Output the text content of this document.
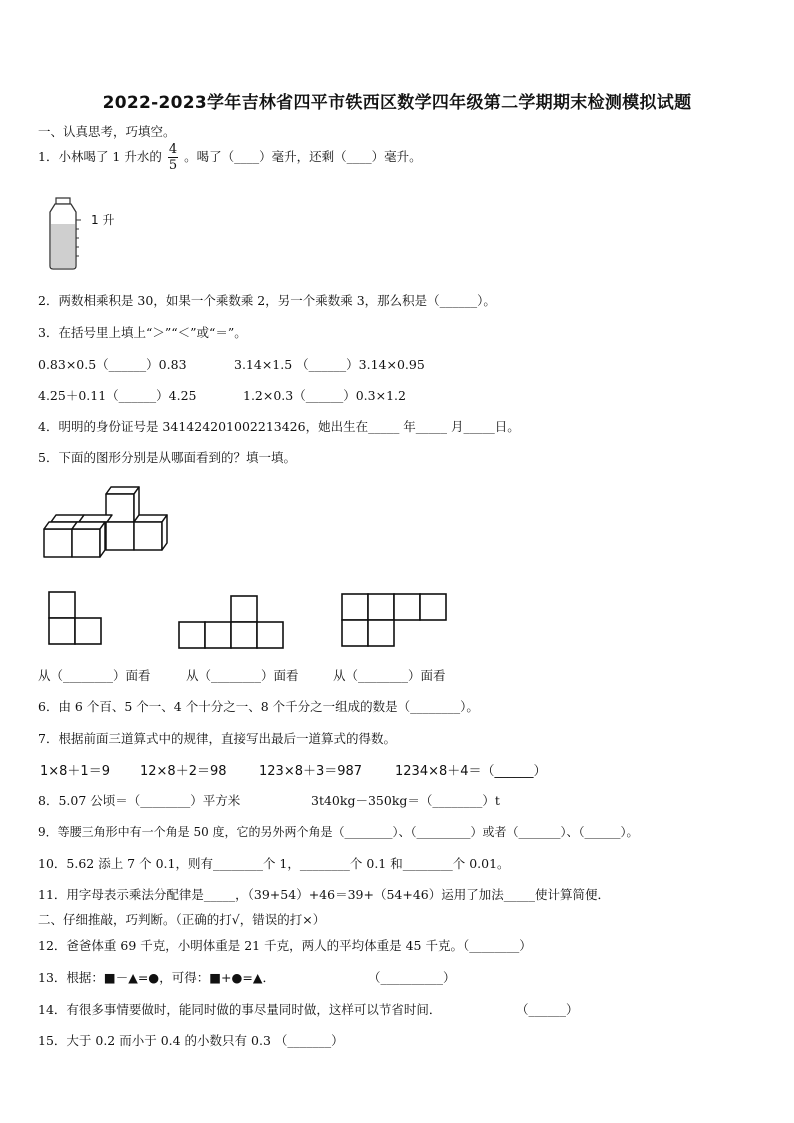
2022-2023学年吉林省四平市铁西区数学四年级第二学期期末检测模拟试题
一、认真思考，巧填空。
1．小林喝了 1 升水的 $\frac{4}{5}$ 。喝了（____）毫升，还剩（____）毫升。
1 升
2．两数相乘积是 30，如果一个乘数乘 2，另一个乘数乘 3，那么积是（______）。
3．在括号里上填上“＞”“＜”或“＝”。
0.83×0.5（______）0.83	3.14×1.5 （______）3.14×0.95
4.25＋0.11（______）4.25	1.2×0.3（______）0.3×1.2
4．明明的身份证号是 341424201002213426，她出生在_____ 年_____ 月_____日。
5．下面的图形分别是从哪面看到的？填一填。
从（________）面看	从（________）面看	从（________）面看
6．由 6 个百、5 个一、4 个十分之一、8 个千分之一组成的数是（________）。
7．根据前面三道算式中的规律，直接写出最后一道算式的得数。
1×8＋1＝9 12×8＋2＝98 123×8＋3＝987	1234×8＋4＝（______）
8．5.07 公顷＝（________）平方米	3t40kg－350kg＝（________）t
9．等腰三角形中有一个角是 50 度，它的另外两个角是（________）、（_________）或者（_______）、（______）。
10．5.62 添上 7 个 0.1，则有________个 1，________个 0.1 和________个 0.01。
11．用字母表示乘法分配律是_____，（39+54）+46＝39+（54+46）运用了加法_____使计算简便．
二、仔细推敲，巧判断。（正确的打√，错误的打×）
12．爸爸体重 69 千克，小明体重是 21 千克，两人的平均体重是 45 千克。（________）
13．根据：■－▲=●，可得：■+●=▲．	（__________）
14．有很多事情要做时，能同时做的事尽量同时做，这样可以节省时间．	（______）
15．大于 0.2 而小于 0.4 的小数只有 0.3 （_______）
